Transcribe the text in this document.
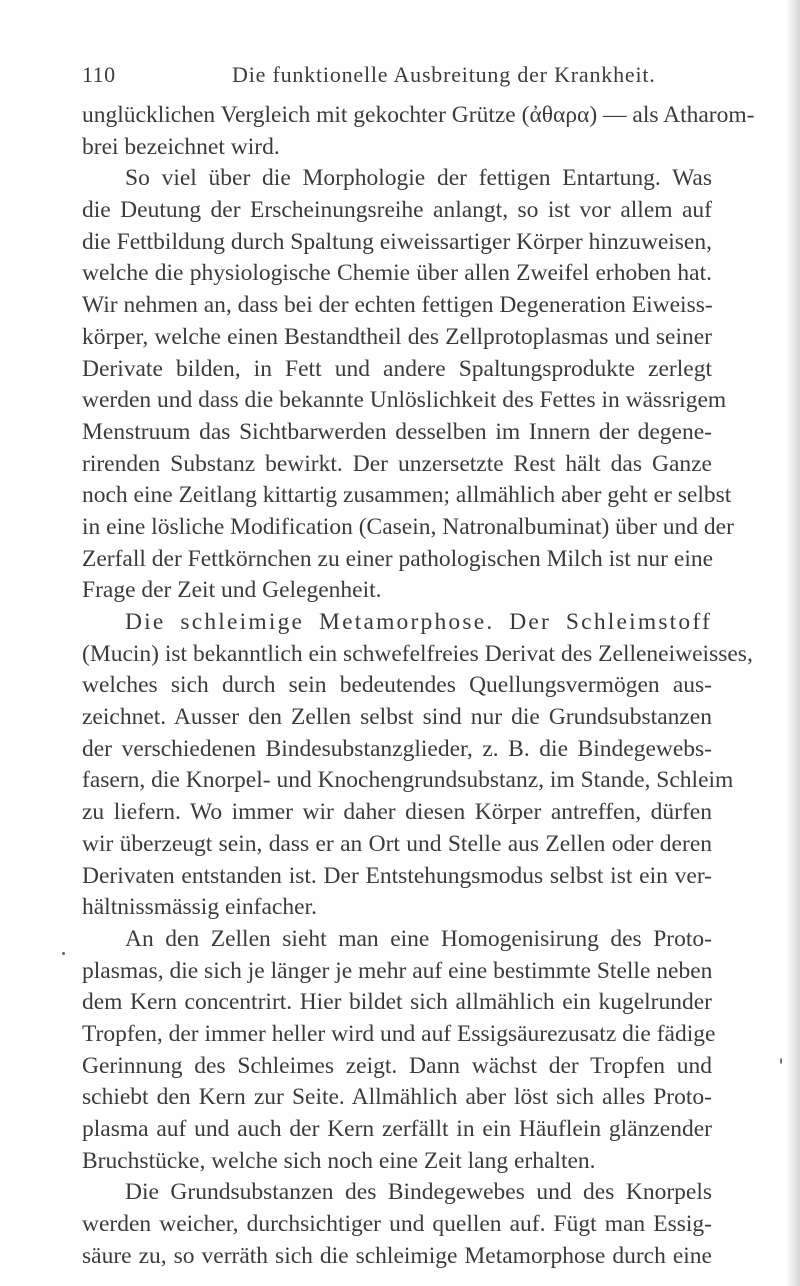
110	Die funktionelle Ausbreitung der Krankheit.
unglücklichen Vergleich mit gekochter Grütze (ἀθαρα) — als Atharom-
brei bezeichnet wird.
So viel über die Morphologie der fettigen Entartung. Was
die Deutung der Erscheinungsreihe anlangt, so ist vor allem auf
die Fettbildung durch Spaltung eiweissartiger Körper hinzuweisen,
welche die physiologische Chemie über allen Zweifel erhoben hat.
Wir nehmen an, dass bei der echten fettigen Degeneration Eiweiss-
körper, welche einen Bestandtheil des Zellprotoplasmas und seiner
Derivate bilden, in Fett und andere Spaltungsprodukte zerlegt
werden und dass die bekannte Unlöslichkeit des Fettes in wässrigem
Menstruum das Sichtbarwerden desselben im Innern der degene-
rirenden Substanz bewirkt. Der unzersetzte Rest hält das Ganze
noch eine Zeitlang kittartig zusammen; allmählich aber geht er selbst
in eine lösliche Modification (Casein, Natronalbuminat) über und der
Zerfall der Fettkörnchen zu einer pathologischen Milch ist nur eine
Frage der Zeit und Gelegenheit.
Die schleimige Metamorphose. Der Schleimstoff
(Mucin) ist bekanntlich ein schwefelfreies Derivat des Zelleneiweisses,
welches sich durch sein bedeutendes Quellungsvermögen aus-
zeichnet. Ausser den Zellen selbst sind nur die Grundsubstanzen
der verschiedenen Bindesubstanzglieder, z. B. die Bindegewebs-
fasern, die Knorpel- und Knochengrundsubstanz, im Stande, Schleim
zu liefern. Wo immer wir daher diesen Körper antreffen, dürfen
wir überzeugt sein, dass er an Ort und Stelle aus Zellen oder deren
Derivaten entstanden ist. Der Entstehungsmodus selbst ist ein ver-
hältnissmässig einfacher.
An den Zellen sieht man eine Homogenisirung des Proto-
plasmas, die sich je länger je mehr auf eine bestimmte Stelle neben
dem Kern concentrirt. Hier bildet sich allmählich ein kugelrunder
Tropfen, der immer heller wird und auf Essigsäurezusatz die fädige
Gerinnung des Schleimes zeigt. Dann wächst der Tropfen und
schiebt den Kern zur Seite. Allmählich aber löst sich alles Proto-
plasma auf und auch der Kern zerfällt in ein Häuflein glänzender
Bruchstücke, welche sich noch eine Zeit lang erhalten.
Die Grundsubstanzen des Bindegewebes und des Knorpels
werden weicher, durchsichtiger und quellen auf. Fügt man Essig-
säure zu, so verräth sich die schleimige Metamorphose durch eine
